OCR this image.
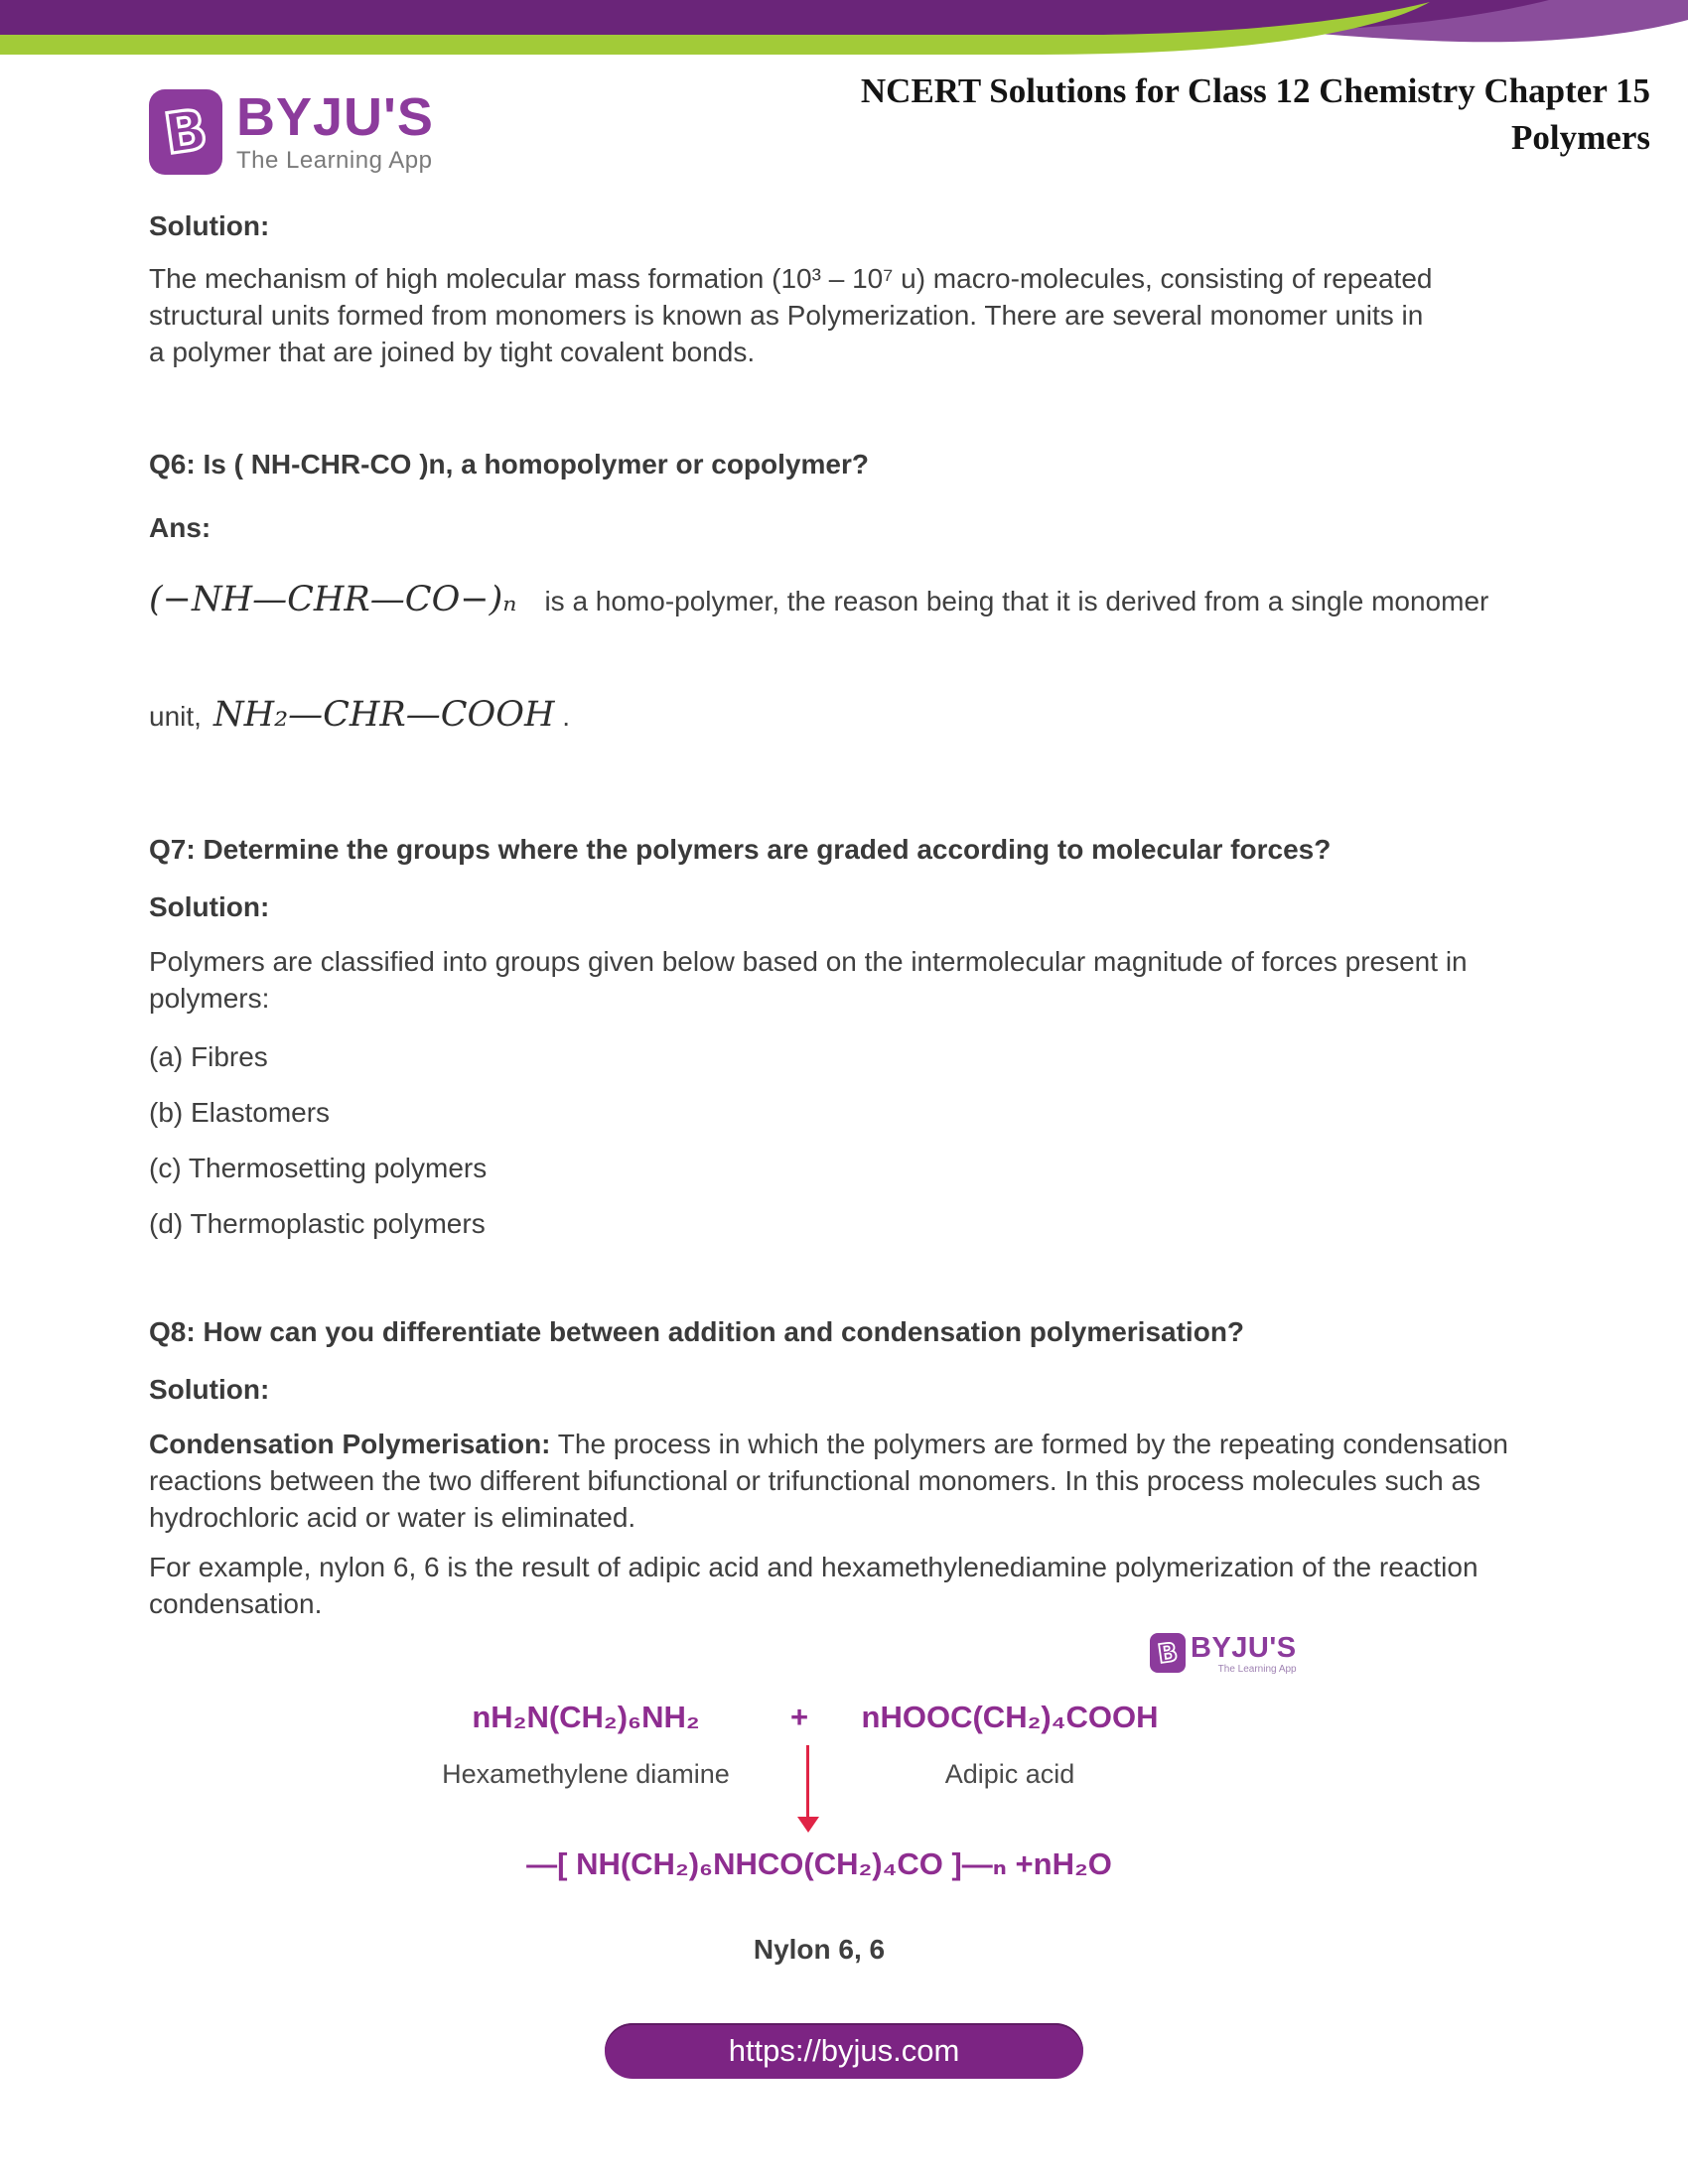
B BYJU'S
The Learning App
NCERT Solutions for Class 12 Chemistry Chapter 15
Polymers
Solution:
The mechanism of high molecular mass formation (10³ – 10⁷ u) macro-molecules, consisting of repeated structural units formed from monomers is known as Polymerization. There are several monomer units in a polymer that are joined by tight covalent bonds.
Q6: Is ( NH-CHR-CO )n, a homopolymer or copolymer?
Ans:
(−NH—CHR—CO−)ₙ is a homo-polymer, the reason being that it is derived from a single monomer
unit, NH₂—CHR—COOH .
Q7: Determine the groups where the polymers are graded according to molecular forces?
Solution:
Polymers are classified into groups given below based on the intermolecular magnitude of forces present in polymers:
(a) Fibres
(b) Elastomers
(c) Thermosetting polymers
(d) Thermoplastic polymers
Q8: How can you differentiate between addition and condensation polymerisation?
Solution:
Condensation Polymerisation: The process in which the polymers are formed by the repeating condensation reactions between the two different bifunctional or trifunctional monomers. In this process molecules such as hydrochloric acid or water is eliminated.
For example, nylon 6, 6 is the result of adipic acid and hexamethylenediamine polymerization of the reaction condensation.
B BYJU'S
The Learning App
nH₂N(CH₂)₆NH₂	+	nHOOC(CH₂)₄COOH
Hexamethylene diamine	Adipic acid
—[ NH(CH₂)₆NHCO(CH₂)₄CO ]—ₙ +nH₂O
Nylon 6, 6
https://byjus.com
